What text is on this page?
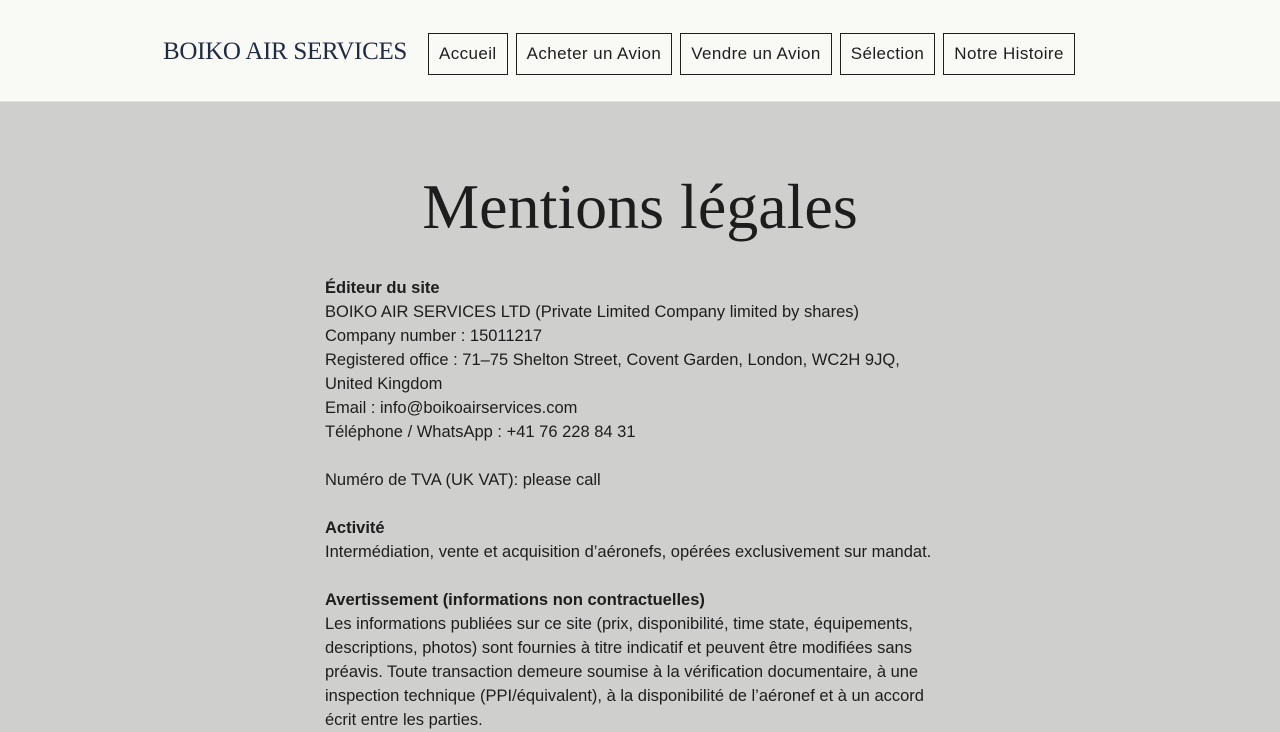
BOIKO AIR SERVICES	Accueil	Acheter un Avion	Vendre un Avion	Sélection	Notre Histoire
Mentions légales

Éditeur du site

BOIKO AIR SERVICES LTD (Private Limited Company limited by shares)

Company number : 15011217

Registered office : 71–75 Shelton Street, Covent Garden, London, WC2H 9JQ,

United Kingdom

Email : info@boikoairservices.com

Téléphone / WhatsApp : +41 76 228 84 31

Numéro de TVA (UK VAT): please call

Activité

Intermédiation, vente et acquisition d’aéronefs, opérées exclusivement sur mandat.

Avertissement (informations non contractuelles)

Les informations publiées sur ce site (prix, disponibilité, time state, équipements,

descriptions, photos) sont fournies à titre indicatif et peuvent être modifiées sans

préavis. Toute transaction demeure soumise à la vérification documentaire, à une

inspection technique (PPI/équivalent), à la disponibilité de l’aéronef et à un accord

écrit entre les parties.
